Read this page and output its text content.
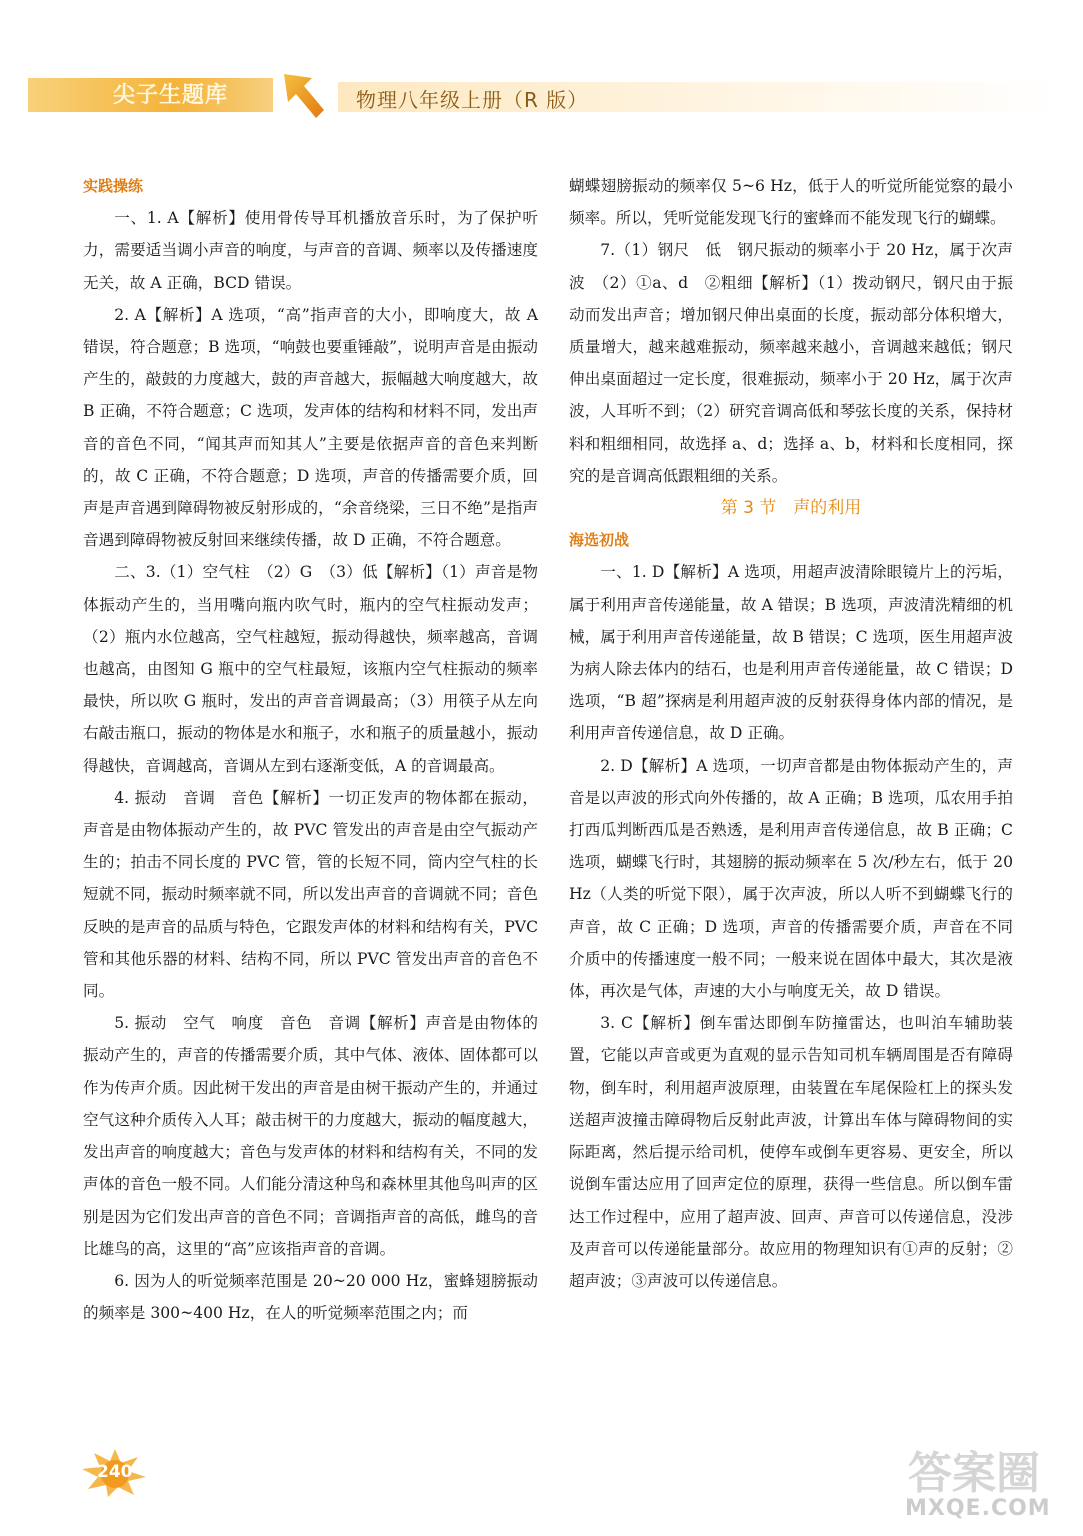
尖子生题库	物理八年级上册（R 版）
实践操练

一、1. A【解析】使用骨传导耳机播放音乐时，为了保护听力，需要适当调小声音的响度，与声音的音调、频率以及传播速度无关，故 A 正确，BCD 错误。

2. A【解析】A 选项，“高”指声音的大小，即响度大，故 A 错误，符合题意；B 选项，“响鼓也要重锤敲”，说明声音是由振动产生的，敲鼓的力度越大，鼓的声音越大，振幅越大响度越大，故 B 正确，不符合题意；C 选项，发声体的结构和材料不同，发出声音的音色不同，“闻其声而知其人”主要是依据声音的音色来判断的，故 C 正确，不符合题意；D 选项，声音的传播需要介质，回声是声音遇到障碍物被反射形成的，“余音绕梁，三日不绝”是指声音遇到障碍物被反射回来继续传播，故 D 正确，不符合题意。

二、3.（1）空气柱　（2）G　（3）低【解析】（1）声音是物体振动产生的，当用嘴向瓶内吹气时，瓶内的空气柱振动发声；（2）瓶内水位越高，空气柱越短，振动得越快，频率越高，音调也越高，由图知 G 瓶中的空气柱最短，该瓶内空气柱振动的频率最快，所以吹 G 瓶时，发出的声音音调最高；（3）用筷子从左向右敲击瓶口，振动的物体是水和瓶子，水和瓶子的质量越小，振动得越快，音调越高，音调从左到右逐渐变低，A 的音调最高。

4. 振动　音调　音色【解析】一切正发声的物体都在振动，声音是由物体振动产生的，故 PVC 管发出的声音是由空气振动产生的；拍击不同长度的 PVC 管，管的长短不同，筒内空气柱的长短就不同，振动时频率就不同，所以发出声音的音调就不同；音色反映的是声音的品质与特色，它跟发声体的材料和结构有关，PVC 管和其他乐器的材料、结构不同，所以 PVC 管发出声音的音色不同。

5. 振动　空气　响度　音色　音调【解析】声音是由物体的振动产生的，声音的传播需要介质，其中气体、液体、固体都可以作为传声介质。因此树干发出的声音是由树干振动产生的，并通过空气这种介质传入人耳；敲击树干的力度越大，振动的幅度越大，发出声音的响度越大；音色与发声体的材料和结构有关，不同的发声体的音色一般不同。人们能分清这种鸟和森林里其他鸟叫声的区别是因为它们发出声音的音色不同；音调指声音的高低，雌鸟的音比雄鸟的高，这里的“高”应该指声音的音调。

6. 因为人的听觉频率范围是 20~20 000 Hz，蜜蜂翅膀振动的频率是 300~400 Hz，在人的听觉频率范围之内；而

蝴蝶翅膀振动的频率仅 5~6 Hz，低于人的听觉所能觉察的最小频率。所以，凭听觉能发现飞行的蜜蜂而不能发现飞行的蝴蝶。

7.（1）钢尺　低　钢尺振动的频率小于 20 Hz，属于次声波　（2）①a、d　②粗细【解析】（1）拨动钢尺，钢尺由于振动而发出声音；增加钢尺伸出桌面的长度，振动部分体积增大，质量增大，越来越难振动，频率越来越小，音调越来越低；钢尺伸出桌面超过一定长度，很难振动，频率小于 20 Hz，属于次声波，人耳听不到；（2）研究音调高低和琴弦长度的关系，保持材料和粗细相同，故选择 a、d；选择 a、b，材料和长度相同，探究的是音调高低跟粗细的关系。

第 3 节　声的利用

海选初战

一、1. D【解析】A 选项，用超声波清除眼镜片上的污垢，属于利用声音传递能量，故 A 错误；B 选项，声波清洗精细的机械，属于利用声音传递能量，故 B 错误；C 选项，医生用超声波为病人除去体内的结石，也是利用声音传递能量，故 C 错误；D 选项，“B 超”探病是利用超声波的反射获得身体内部的情况，是利用声音传递信息，故 D 正确。

2. D【解析】A 选项，一切声音都是由物体振动产生的，声音是以声波的形式向外传播的，故 A 正确；B 选项，瓜农用手拍打西瓜判断西瓜是否熟透，是利用声音传递信息，故 B 正确；C 选项，蝴蝶飞行时，其翅膀的振动频率在 5 次/秒左右，低于 20 Hz（人类的听觉下限），属于次声波，所以人听不到蝴蝶飞行的声音，故 C 正确；D 选项，声音的传播需要介质，声音在不同介质中的传播速度一般不同；一般来说在固体中最大，其次是液体，再次是气体，声速的大小与响度无关，故 D 错误。

3. C【解析】倒车雷达即倒车防撞雷达，也叫泊车辅助装置，它能以声音或更为直观的显示告知司机车辆周围是否有障碍物，倒车时，利用超声波原理，由装置在车尾保险杠上的探头发送超声波撞击障碍物后反射此声波，计算出车体与障碍物间的实际距离，然后提示给司机，使停车或倒车更容易、更安全，所以说倒车雷达应用了回声定位的原理，获得一些信息。所以倒车雷达工作过程中，应用了超声波、回声、声音可以传递信息，没涉及声音可以传递能量部分。故应用的物理知识有①声的反射；②超声波；③声波可以传递信息。

240	答案圈
MXQE.COM
